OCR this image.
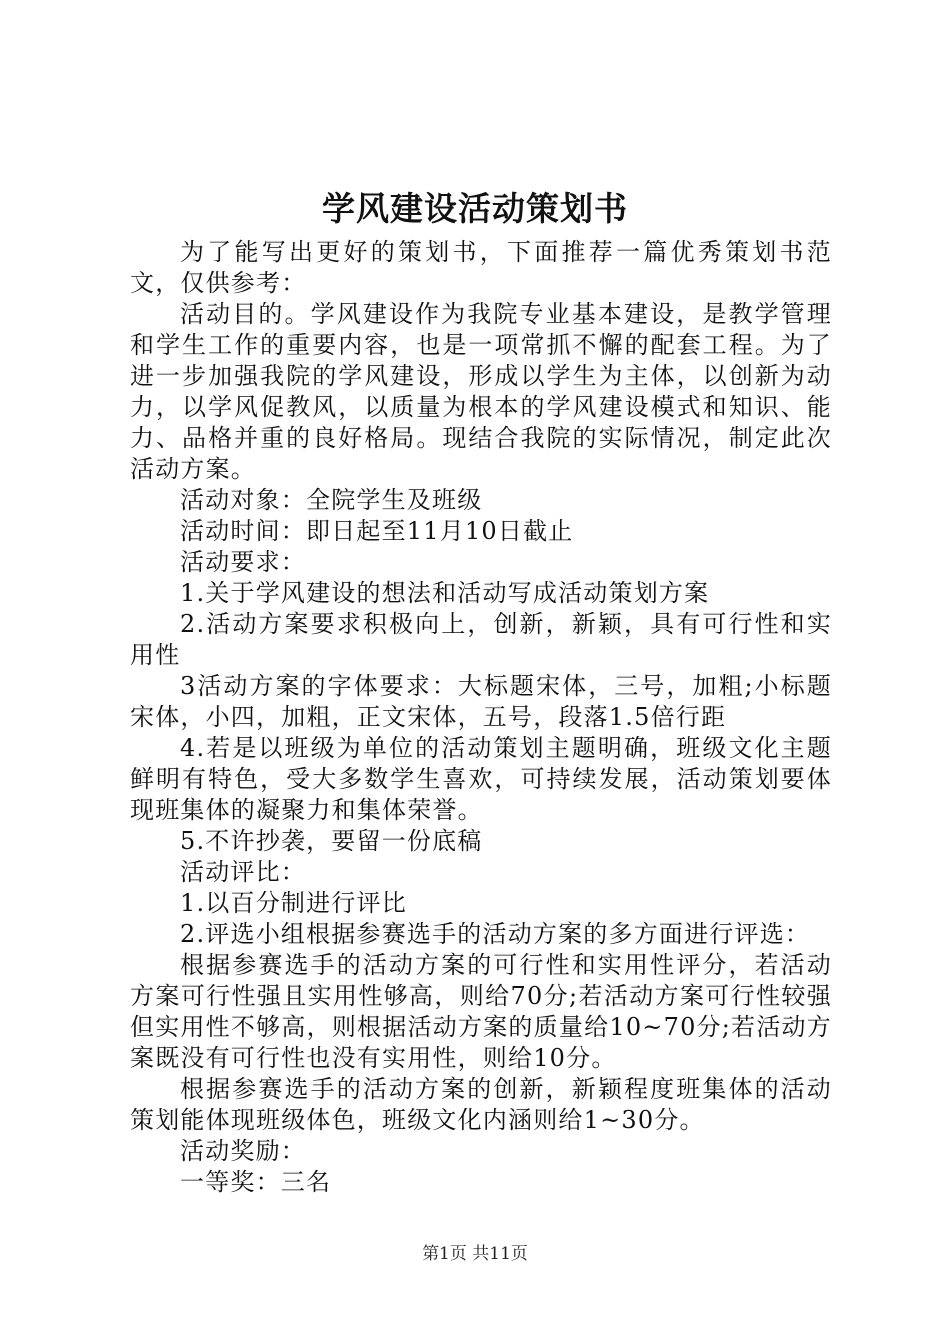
学风建设活动策划书

为了能写出更好的策划书，下面推荐一篇优秀策划书范文，仅供参考：

活动目的。学风建设作为我院专业基本建设，是教学管理和学生工作的重要内容，也是一项常抓不懈的配套工程。为了进一步加强我院的学风建设，形成以学生为主体，以创新为动力，以学风促教风，以质量为根本的学风建设模式和知识、能力、品格并重的良好格局。现结合我院的实际情况，制定此次活动方案。

活动对象：全院学生及班级

活动时间：即日起至11月10日截止

活动要求：

1.关于学风建设的想法和活动写成活动策划方案

2.活动方案要求积极向上，创新，新颖，具有可行性和实用性

3活动方案的字体要求：大标题宋体，三号，加粗;小标题宋体，小四，加粗，正文宋体，五号，段落1.5倍行距

4.若是以班级为单位的活动策划主题明确，班级文化主题鲜明有特色，受大多数学生喜欢，可持续发展，活动策划要体现班集体的凝聚力和集体荣誉。

5.不许抄袭，要留一份底稿

活动评比：

1.以百分制进行评比

2.评选小组根据参赛选手的活动方案的多方面进行评选：

根据参赛选手的活动方案的可行性和实用性评分，若活动方案可行性强且实用性够高，则给70分;若活动方案可行性较强但实用性不够高，则根据活动方案的质量给10~70分;若活动方案既没有可行性也没有实用性，则给10分。

根据参赛选手的活动方案的创新，新颖程度班集体的活动策划能体现班级体色，班级文化内涵则给1~30分。

活动奖励：

一等奖：三名

第1页 共11页
